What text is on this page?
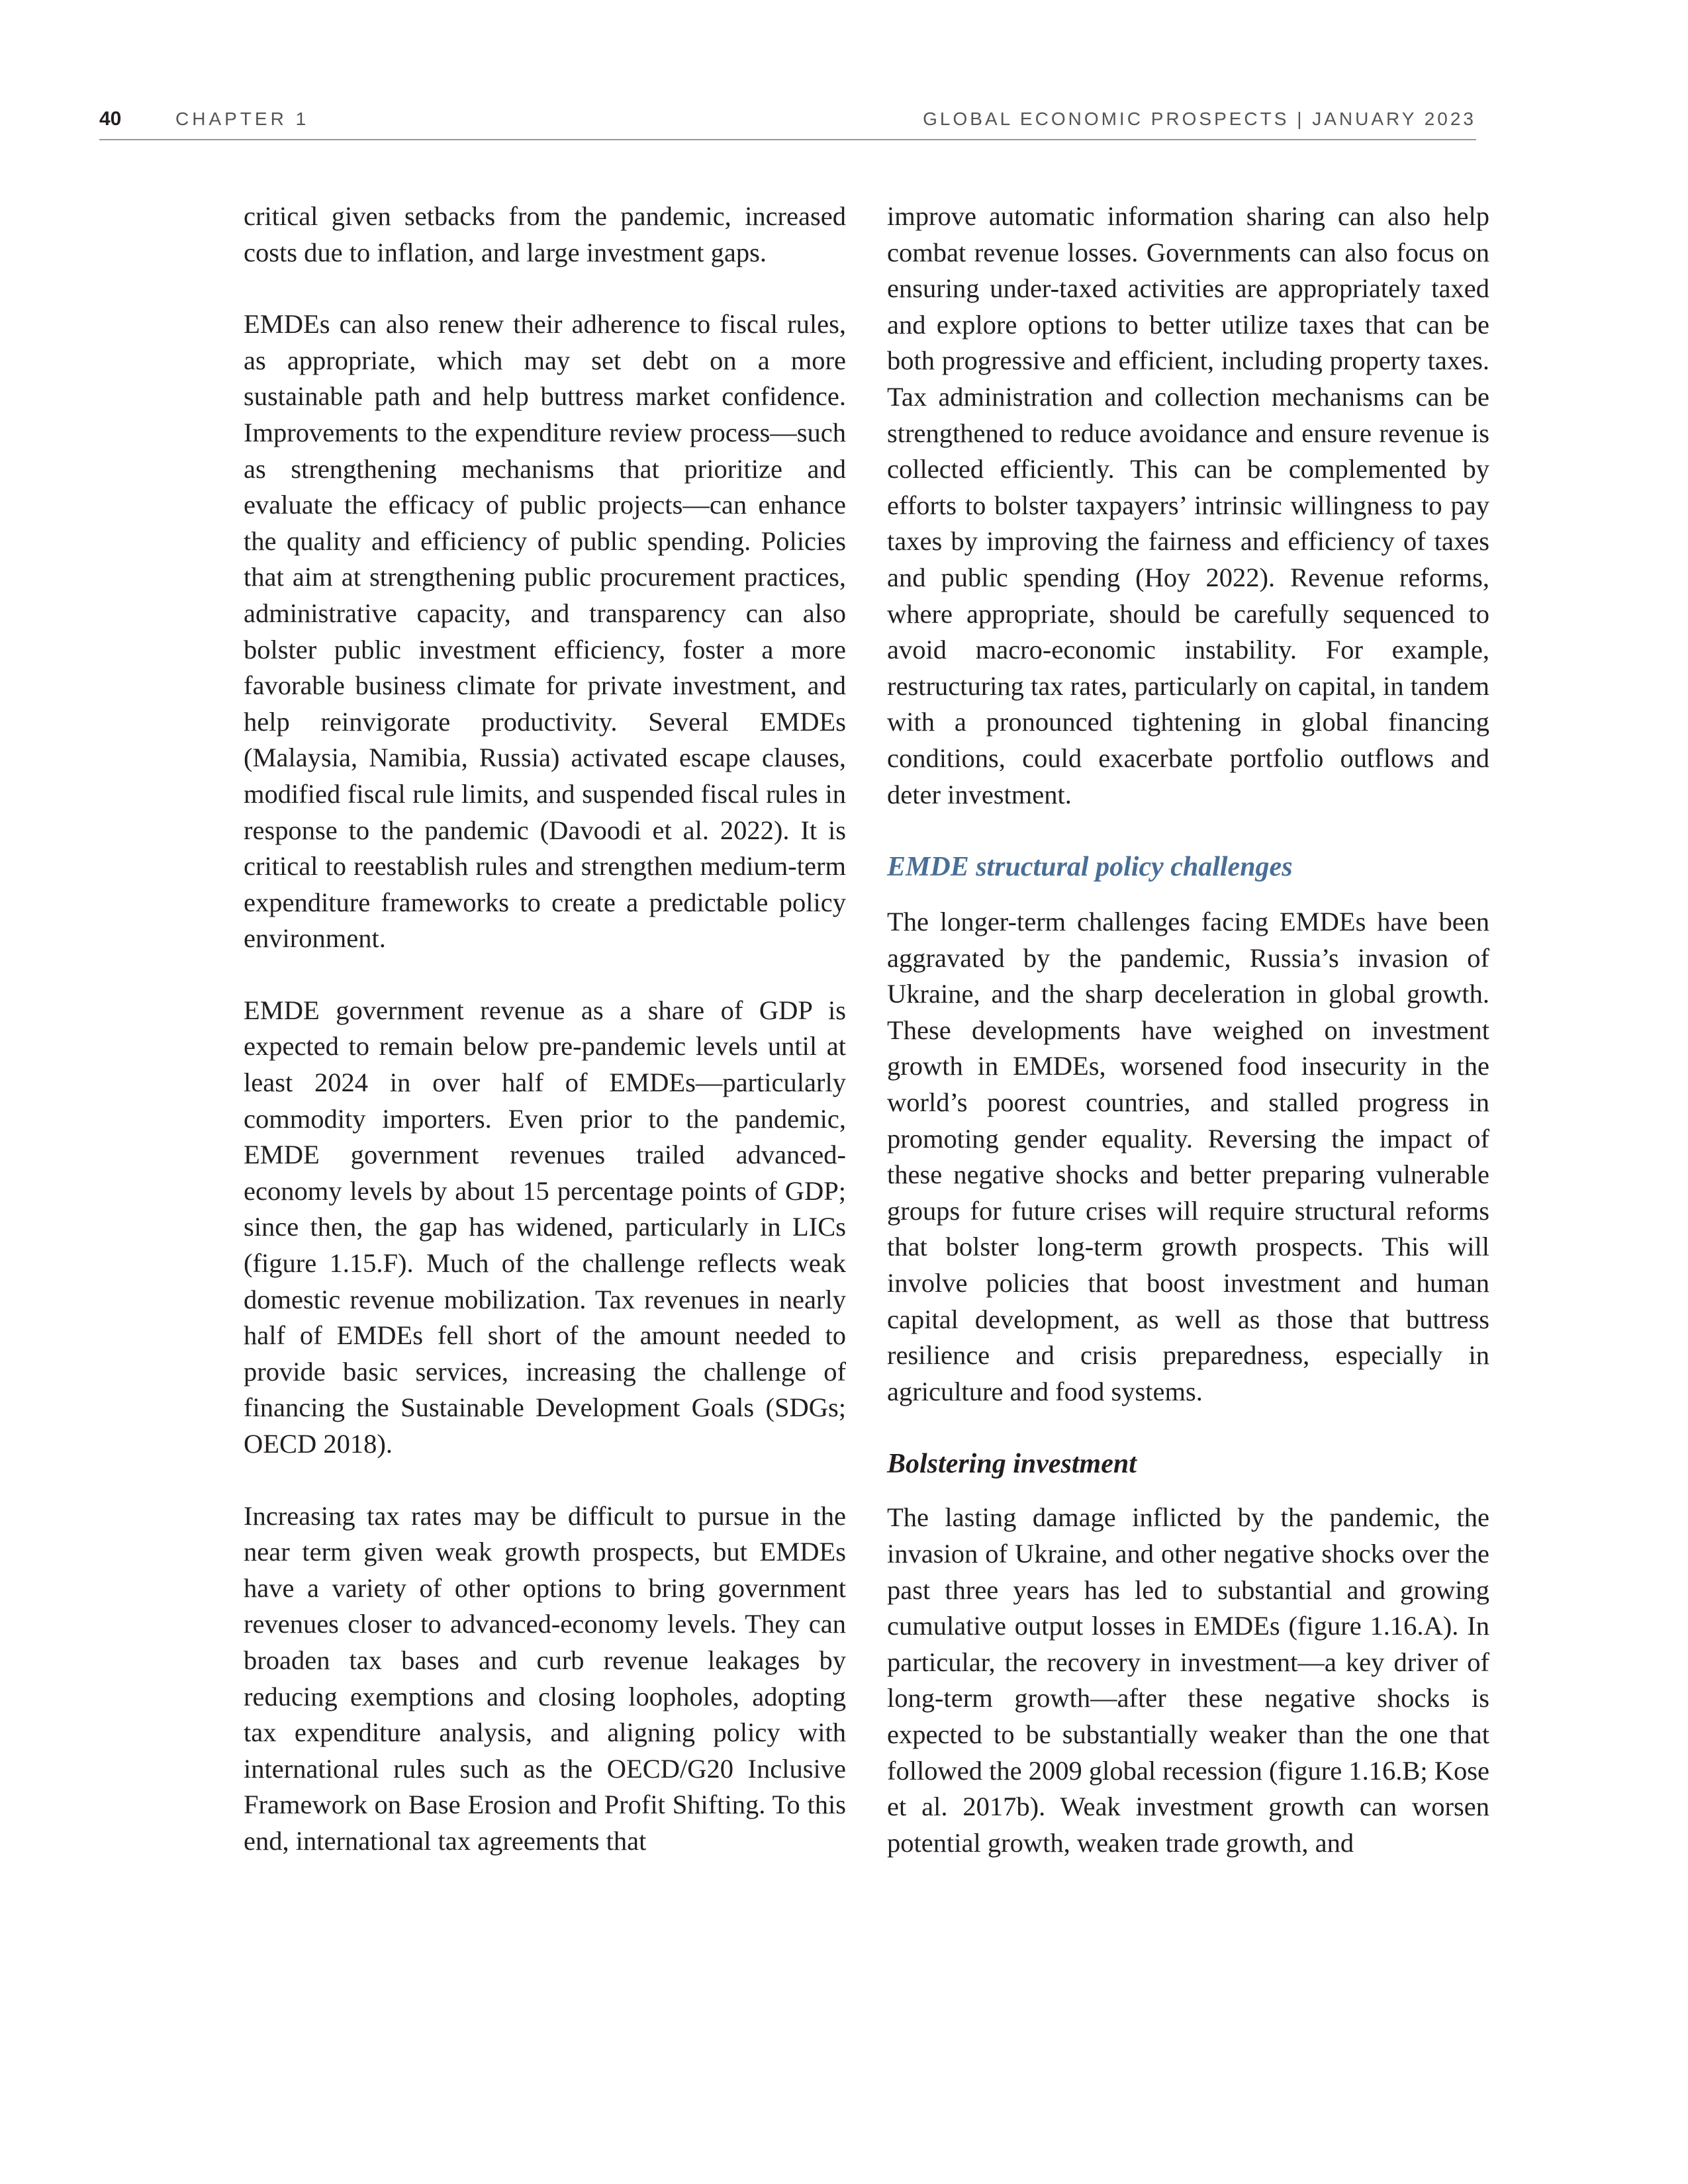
40	CHAPTER 1	GLOBAL ECONOMIC PROSPECTS | JANUARY 2023

critical given setbacks from the pandemic, increased costs due to inflation, and large investment gaps.

EMDEs can also renew their adherence to fiscal rules, as appropriate, which may set debt on a more sustainable path and help buttress market confidence. Improvements to the expenditure review process—such as strengthening mechanisms that prioritize and evaluate the efficacy of public projects—can enhance the quality and efficiency of public spending. Policies that aim at strengthening public procurement practices, administrative capacity, and transparency can also bolster public investment efficiency, foster a more favorable business climate for private investment, and help reinvigorate productivity. Several EMDEs (Malaysia, Namibia, Russia) activated escape clauses, modified fiscal rule limits, and suspended fiscal rules in response to the pandemic (Davoodi et al. 2022). It is critical to reestablish rules and strengthen medium-term expenditure frameworks to create a predictable policy environment.

EMDE government revenue as a share of GDP is expected to remain below pre-pandemic levels until at least 2024 in over half of EMDEs—particularly commodity importers. Even prior to the pandemic, EMDE government revenues trailed advanced-economy levels by about 15 percentage points of GDP; since then, the gap has widened, particularly in LICs (figure 1.15.F). Much of the challenge reflects weak domestic revenue mobilization. Tax revenues in nearly half of EMDEs fell short of the amount needed to provide basic services, increasing the challenge of financing the Sustainable Development Goals (SDGs; OECD 2018).

Increasing tax rates may be difficult to pursue in the near term given weak growth prospects, but EMDEs have a variety of other options to bring government revenues closer to advanced-economy levels. They can broaden tax bases and curb revenue leakages by reducing exemptions and closing loopholes, adopting tax expenditure analysis, and aligning policy with international rules such as the OECD/G20 Inclusive Framework on Base Erosion and Profit Shifting. To this end, international tax agreements that

improve automatic information sharing can also help combat revenue losses. Governments can also focus on ensuring under-taxed activities are appropriately taxed and explore options to better utilize taxes that can be both progressive and efficient, including property taxes. Tax administration and collection mechanisms can be strengthened to reduce avoidance and ensure revenue is collected efficiently. This can be complemented by efforts to bolster taxpayers’ intrinsic willingness to pay taxes by improving the fairness and efficiency of taxes and public spending (Hoy 2022). Revenue reforms, where appropriate, should be carefully sequenced to avoid macro-economic instability. For example, restructuring tax rates, particularly on capital, in tandem with a pronounced tightening in global financing conditions, could exacerbate portfolio outflows and deter investment.

EMDE structural policy challenges

The longer-term challenges facing EMDEs have been aggravated by the pandemic, Russia’s invasion of Ukraine, and the sharp deceleration in global growth. These developments have weighed on investment growth in EMDEs, worsened food insecurity in the world’s poorest countries, and stalled progress in promoting gender equality. Reversing the impact of these negative shocks and better preparing vulnerable groups for future crises will require structural reforms that bolster long-term growth prospects. This will involve policies that boost investment and human capital development, as well as those that buttress resilience and crisis preparedness, especially in agriculture and food systems.

Bolstering investment

The lasting damage inflicted by the pandemic, the invasion of Ukraine, and other negative shocks over the past three years has led to substantial and growing cumulative output losses in EMDEs (figure 1.16.A). In particular, the recovery in investment—a key driver of long-term growth—after these negative shocks is expected to be substantially weaker than the one that followed the 2009 global recession (figure 1.16.B; Kose et al. 2017b). Weak investment growth can worsen potential growth, weaken trade growth, and
